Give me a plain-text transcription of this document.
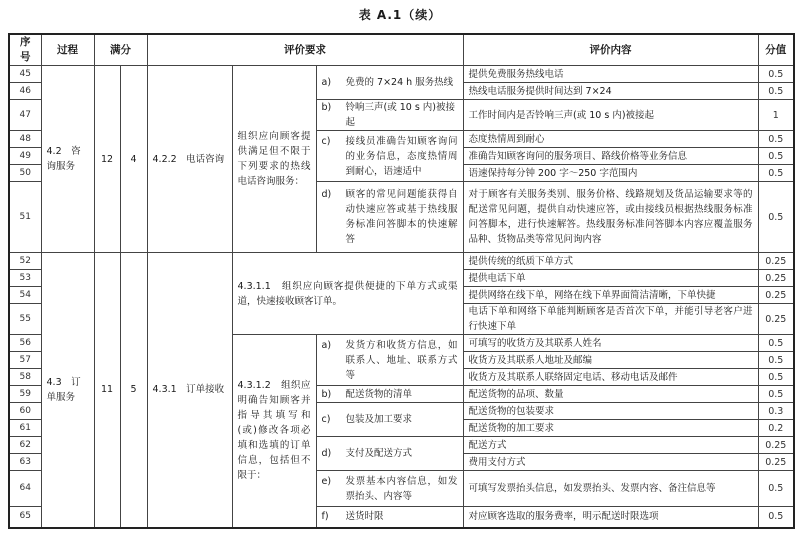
表 A.1（续）
序号	过程	满分		评价要求			评价内容	分值
45	4.2　咨询服务	12	4	4.2.2　电话咨询	组织应向顾客提供满足但不限于下列要求的热线电话咨询服务：	a) 免费的 7×24 h 服务热线	提供免费服务热线电话	0.5
46							热线电话服务提供时间达到 7×24	0.5
47						b) 铃响三声(或 10 s 内)被接起	工作时间内是否铃响三声(或 10 s 内)被接起	1
48						c) 接线员准确告知顾客询问的业务信息，态度热情周到耐心，语速适中	态度热情周到耐心	0.5
49							准确告知顾客询问的服务项目、路线价格等业务信息	0.5
50							语速保持每分钟 200 字～250 字范围内	0.5
51						d) 顾客的常见问题能获得自动快速应答或基于热线服务标准问答脚本的快速解答	对于顾客有关服务类别、服务价格、线路规划及货品运输要求等的配送常见问题，提供自动快速应答，或由接线员根据热线服务标准问答脚本，进行快速解答。热线服务标准问答脚本内容应覆盖服务品种、货物品类等常见问询内容	0.5
52	4.3　订单服务	11	5	4.3.1　订单接收	4.3.1.1　组织应向顾客提供便捷的下单方式或渠道，快速接收顾客订单。		提供传统的纸质下单方式	0.25
53							提供电话下单	0.25
54							提供网络在线下单，网络在线下单界面简洁清晰，下单快捷	0.25
55							电话下单和网络下单能判断顾客是否首次下单，并能引导老客户进行快速下单	0.25
56					4.3.1.2　组织应明确告知顾客并指导其填写和(或)修改各项必填和选填的订单信息，包括但不限于：	a) 发货方和收货方信息，如联系人、地址、联系方式等	可填写的收货方及其联系人姓名	0.5
57							收货方及其联系人地址及邮编	0.5
58							收货方及其联系人联络固定电话、移动电话及邮件	0.5
59						b) 配送货物的清单	配送货物的品项、数量	0.5
60						c) 包装及加工要求	配送货物的包装要求	0.3
61							配送货物的加工要求	0.2
62						d) 支付及配送方式	配送方式	0.25
63							费用支付方式	0.25
64						e) 发票基本内容信息，如发票抬头、内容等	可填写发票抬头信息，如发票抬头、发票内容、备注信息等	0.5
65						f) 送货时限	对应顾客选取的服务费率，明示配送时限选项	0.5
